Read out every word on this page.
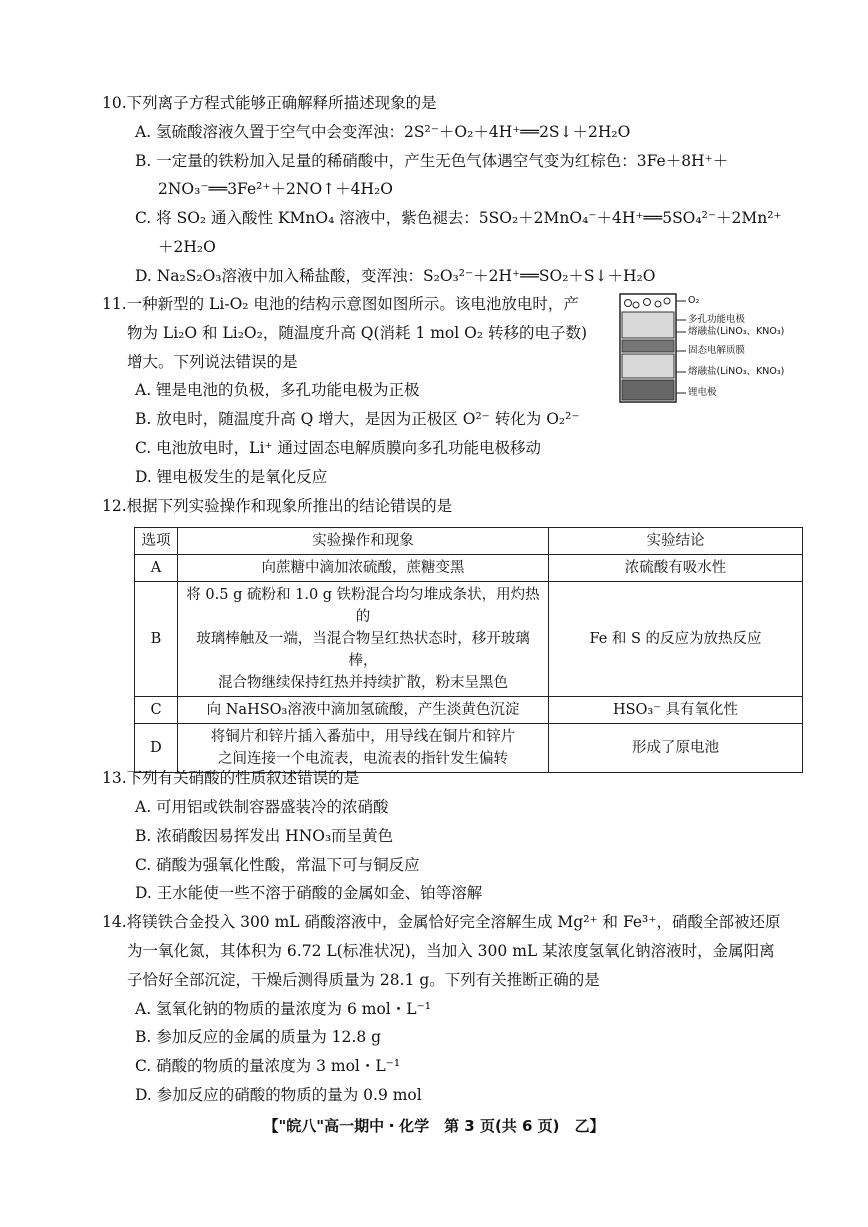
10.下列离子方程式能够正确解释所描述现象的是
A. 氢硫酸溶液久置于空气中会变浑浊：2S²⁻＋O₂＋4H⁺══2S↓＋2H₂O
B. 一定量的铁粉加入足量的稀硝酸中，产生无色气体遇空气变为红棕色：3Fe＋8H⁺＋
2NO₃⁻══3Fe²⁺＋2NO↑＋4H₂O
C. 将 SO₂ 通入酸性 KMnO₄ 溶液中，紫色褪去：5SO₂＋2MnO₄⁻＋4H⁺══5SO₄²⁻＋2Mn²⁺
＋2H₂O
D. Na₂S₂O₃溶液中加入稀盐酸，变浑浊：S₂O₃²⁻＋2H⁺══SO₂＋S↓＋H₂O
11.一种新型的 Li-O₂ 电池的结构示意图如图所示。该电池放电时，产
物为 Li₂O 和 Li₂O₂，随温度升高 Q(消耗 1 mol O₂ 转移的电子数)
增大。下列说法错误的是
A. 锂是电池的负极，多孔功能电极为正极
B. 放电时，随温度升高 Q 增大，是因为正极区 O²⁻ 转化为 O₂²⁻
C. 电池放电时，Li⁺ 通过固态电解质膜向多孔功能电极移动
D. 锂电极发生的是氧化反应
O₂
多孔功能电极
熔融盐(LiNO₃、KNO₃)
固态电解质膜
熔融盐(LiNO₃、KNO₃)
锂电极
12.根据下列实验操作和现象所推出的结论错误的是
选项	实验操作和现象	实验结论
A	向蔗糖中滴加浓硫酸，蔗糖变黑	浓硫酸有吸水性
B	将 0.5 g 硫粉和 1.0 g 铁粉混合均匀堆成条状，用灼热的
玻璃棒触及一端，当混合物呈红热状态时，移开玻璃棒，
混合物继续保持红热并持续扩散，粉末呈黑色	Fe 和 S 的反应为放热反应
C	向 NaHSO₃溶液中滴加氢硫酸，产生淡黄色沉淀	HSO₃⁻ 具有氧化性
D	将铜片和锌片插入番茄中，用导线在铜片和锌片
之间连接一个电流表，电流表的指针发生偏转	形成了原电池
13.下列有关硝酸的性质叙述错误的是
A. 可用铝或铁制容器盛装冷的浓硝酸
B. 浓硝酸因易挥发出 HNO₃而呈黄色
C. 硝酸为强氧化性酸，常温下可与铜反应
D. 王水能使一些不溶于硝酸的金属如金、铂等溶解
14.将镁铁合金投入 300 mL 硝酸溶液中，金属恰好完全溶解生成 Mg²⁺ 和 Fe³⁺，硝酸全部被还原
为一氧化氮，其体积为 6.72 L(标准状况)，当加入 300 mL 某浓度氢氧化钠溶液时，金属阳离
子恰好全部沉淀，干燥后测得质量为 28.1 g。下列有关推断正确的是
A. 氢氧化钠的物质的量浓度为 6 mol・L⁻¹
B. 参加反应的金属的质量为 12.8 g
C. 硝酸的物质的量浓度为 3 mol・L⁻¹
D. 参加反应的硝酸的物质的量为 0.9 mol
【"皖八"高一期中・化学　第 3 页(共 6 页)　乙】
